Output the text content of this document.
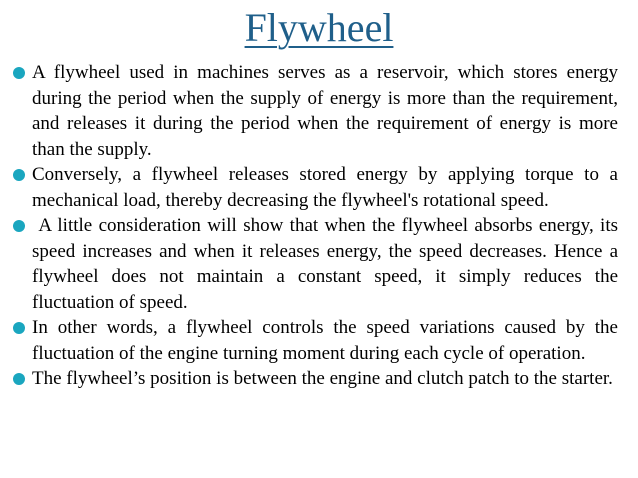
Flywheel
A flywheel used in machines serves as a reservoir, which stores energy during the period when the supply of energy is more than the requirement, and releases it during the period when the requirement of energy is more than the supply.
Conversely, a flywheel releases stored energy by applying torque to a mechanical load, thereby decreasing the flywheel's rotational speed.
A little consideration will show that when the flywheel absorbs energy, its speed increases and when it releases energy, the speed decreases. Hence a flywheel does not maintain a constant speed, it simply reduces the fluctuation of speed.
In other words, a flywheel controls the speed variations caused by the fluctuation of the engine turning moment during each cycle of operation.
The flywheel’s position is between the engine and clutch patch to the starter.
